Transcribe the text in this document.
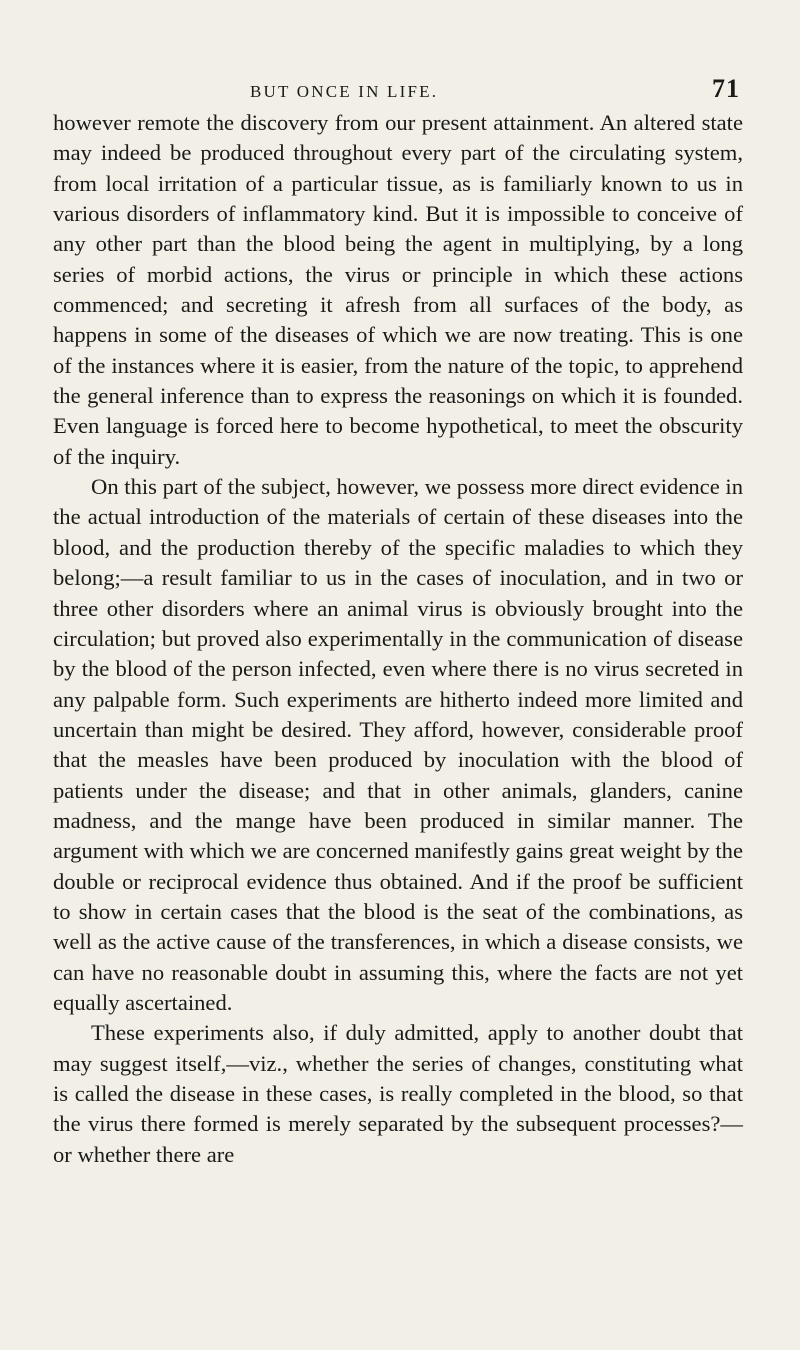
BUT ONCE IN LIFE.	71

however remote the discovery from our present attainment. An altered state may indeed be produced throughout every part of the circulating system, from local irritation of a particular tissue, as is familiarly known to us in various disorders of inflammatory kind. But it is impossible to conceive of any other part than the blood being the agent in multiplying, by a long series of morbid actions, the virus or principle in which these actions commenced; and secreting it afresh from all surfaces of the body, as happens in some of the diseases of which we are now treating. This is one of the instances where it is easier, from the nature of the topic, to apprehend the general inference than to express the reasonings on which it is founded. Even language is forced here to become hypothetical, to meet the obscurity of the inquiry.

On this part of the subject, however, we possess more direct evidence in the actual introduction of the materials of certain of these diseases into the blood, and the production thereby of the specific maladies to which they belong;—a result familiar to us in the cases of inoculation, and in two or three other disorders where an animal virus is obviously brought into the circulation; but proved also experimentally in the communication of disease by the blood of the person infected, even where there is no virus secreted in any palpable form. Such experiments are hitherto indeed more limited and uncertain than might be desired. They afford, however, considerable proof that the measles have been produced by inoculation with the blood of patients under the disease; and that in other animals, glanders, canine madness, and the mange have been produced in similar manner. The argument with which we are concerned manifestly gains great weight by the double or reciprocal evidence thus obtained. And if the proof be sufficient to show in certain cases that the blood is the seat of the combinations, as well as the active cause of the transferences, in which a disease consists, we can have no reasonable doubt in assuming this, where the facts are not yet equally ascertained.

These experiments also, if duly admitted, apply to another doubt that may suggest itself,—viz., whether the series of changes, constituting what is called the disease in these cases, is really completed in the blood, so that the virus there formed is merely separated by the subsequent processes?—or whether there are
